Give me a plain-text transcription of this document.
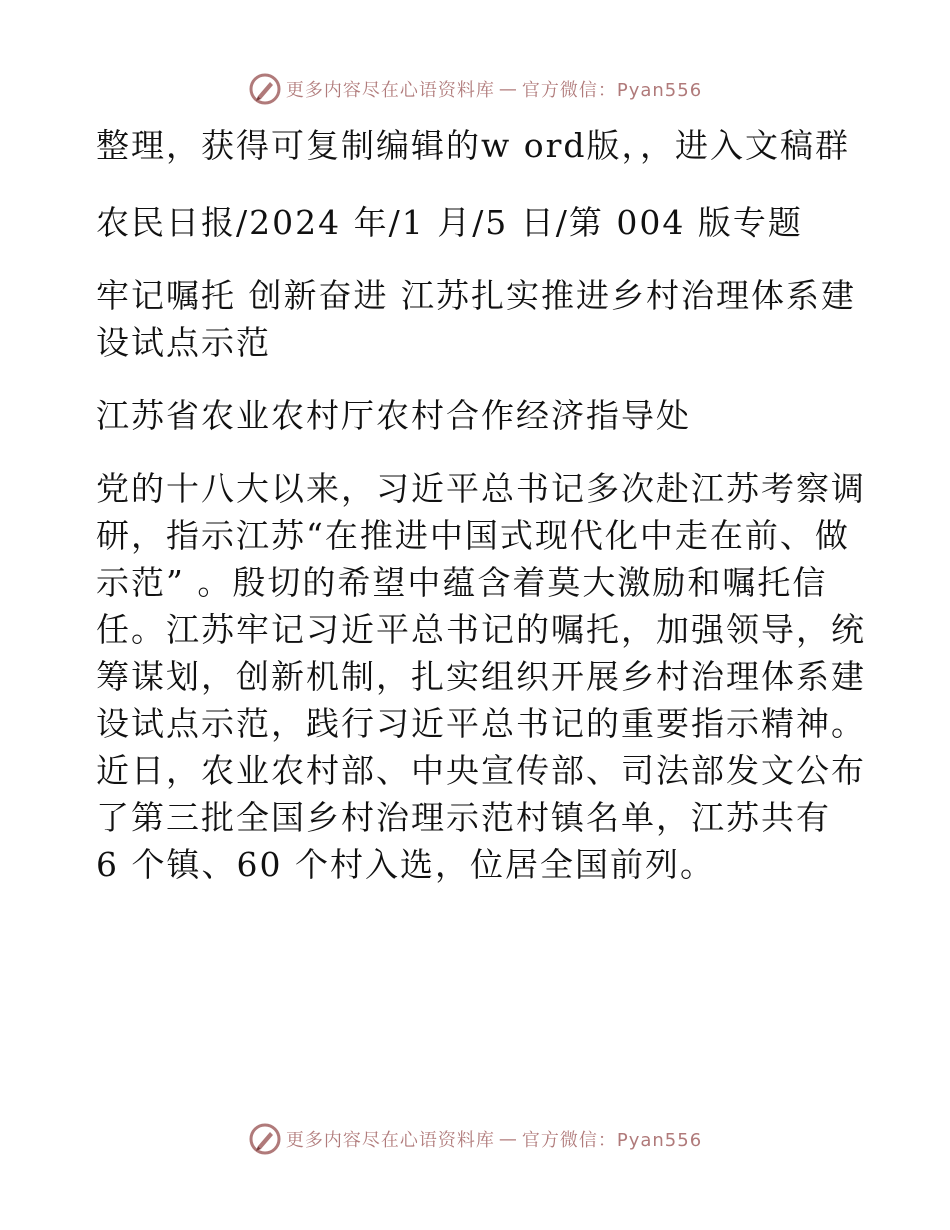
更多内容尽在心语资料库 — 官方微信：Pyan556

整理，获得可复制编辑的w ord版，，进入文稿群

农民日报/2024 年/1 月/5 日/第 004 版专题

牢记嘱托 创新奋进 江苏扎实推进乡村治理体系建设试点示范

江苏省农业农村厅农村合作经济指导处

党的十八大以来，习近平总书记多次赴江苏考察调研，指示江苏“在推进中国式现代化中走在前、做示范” 。殷切的希望中蕴含着莫大激励和嘱托信任。江苏牢记习近平总书记的嘱托，加强领导，统筹谋划，创新机制，扎实组织开展乡村治理体系建设试点示范，践行习近平总书记的重要指示精神。近日，农业农村部、中央宣传部、司法部发文公布了第三批全国乡村治理示范村镇名单，江苏共有 6 个镇、60 个村入选，位居全国前列。

更多内容尽在心语资料库 — 官方微信：Pyan556
